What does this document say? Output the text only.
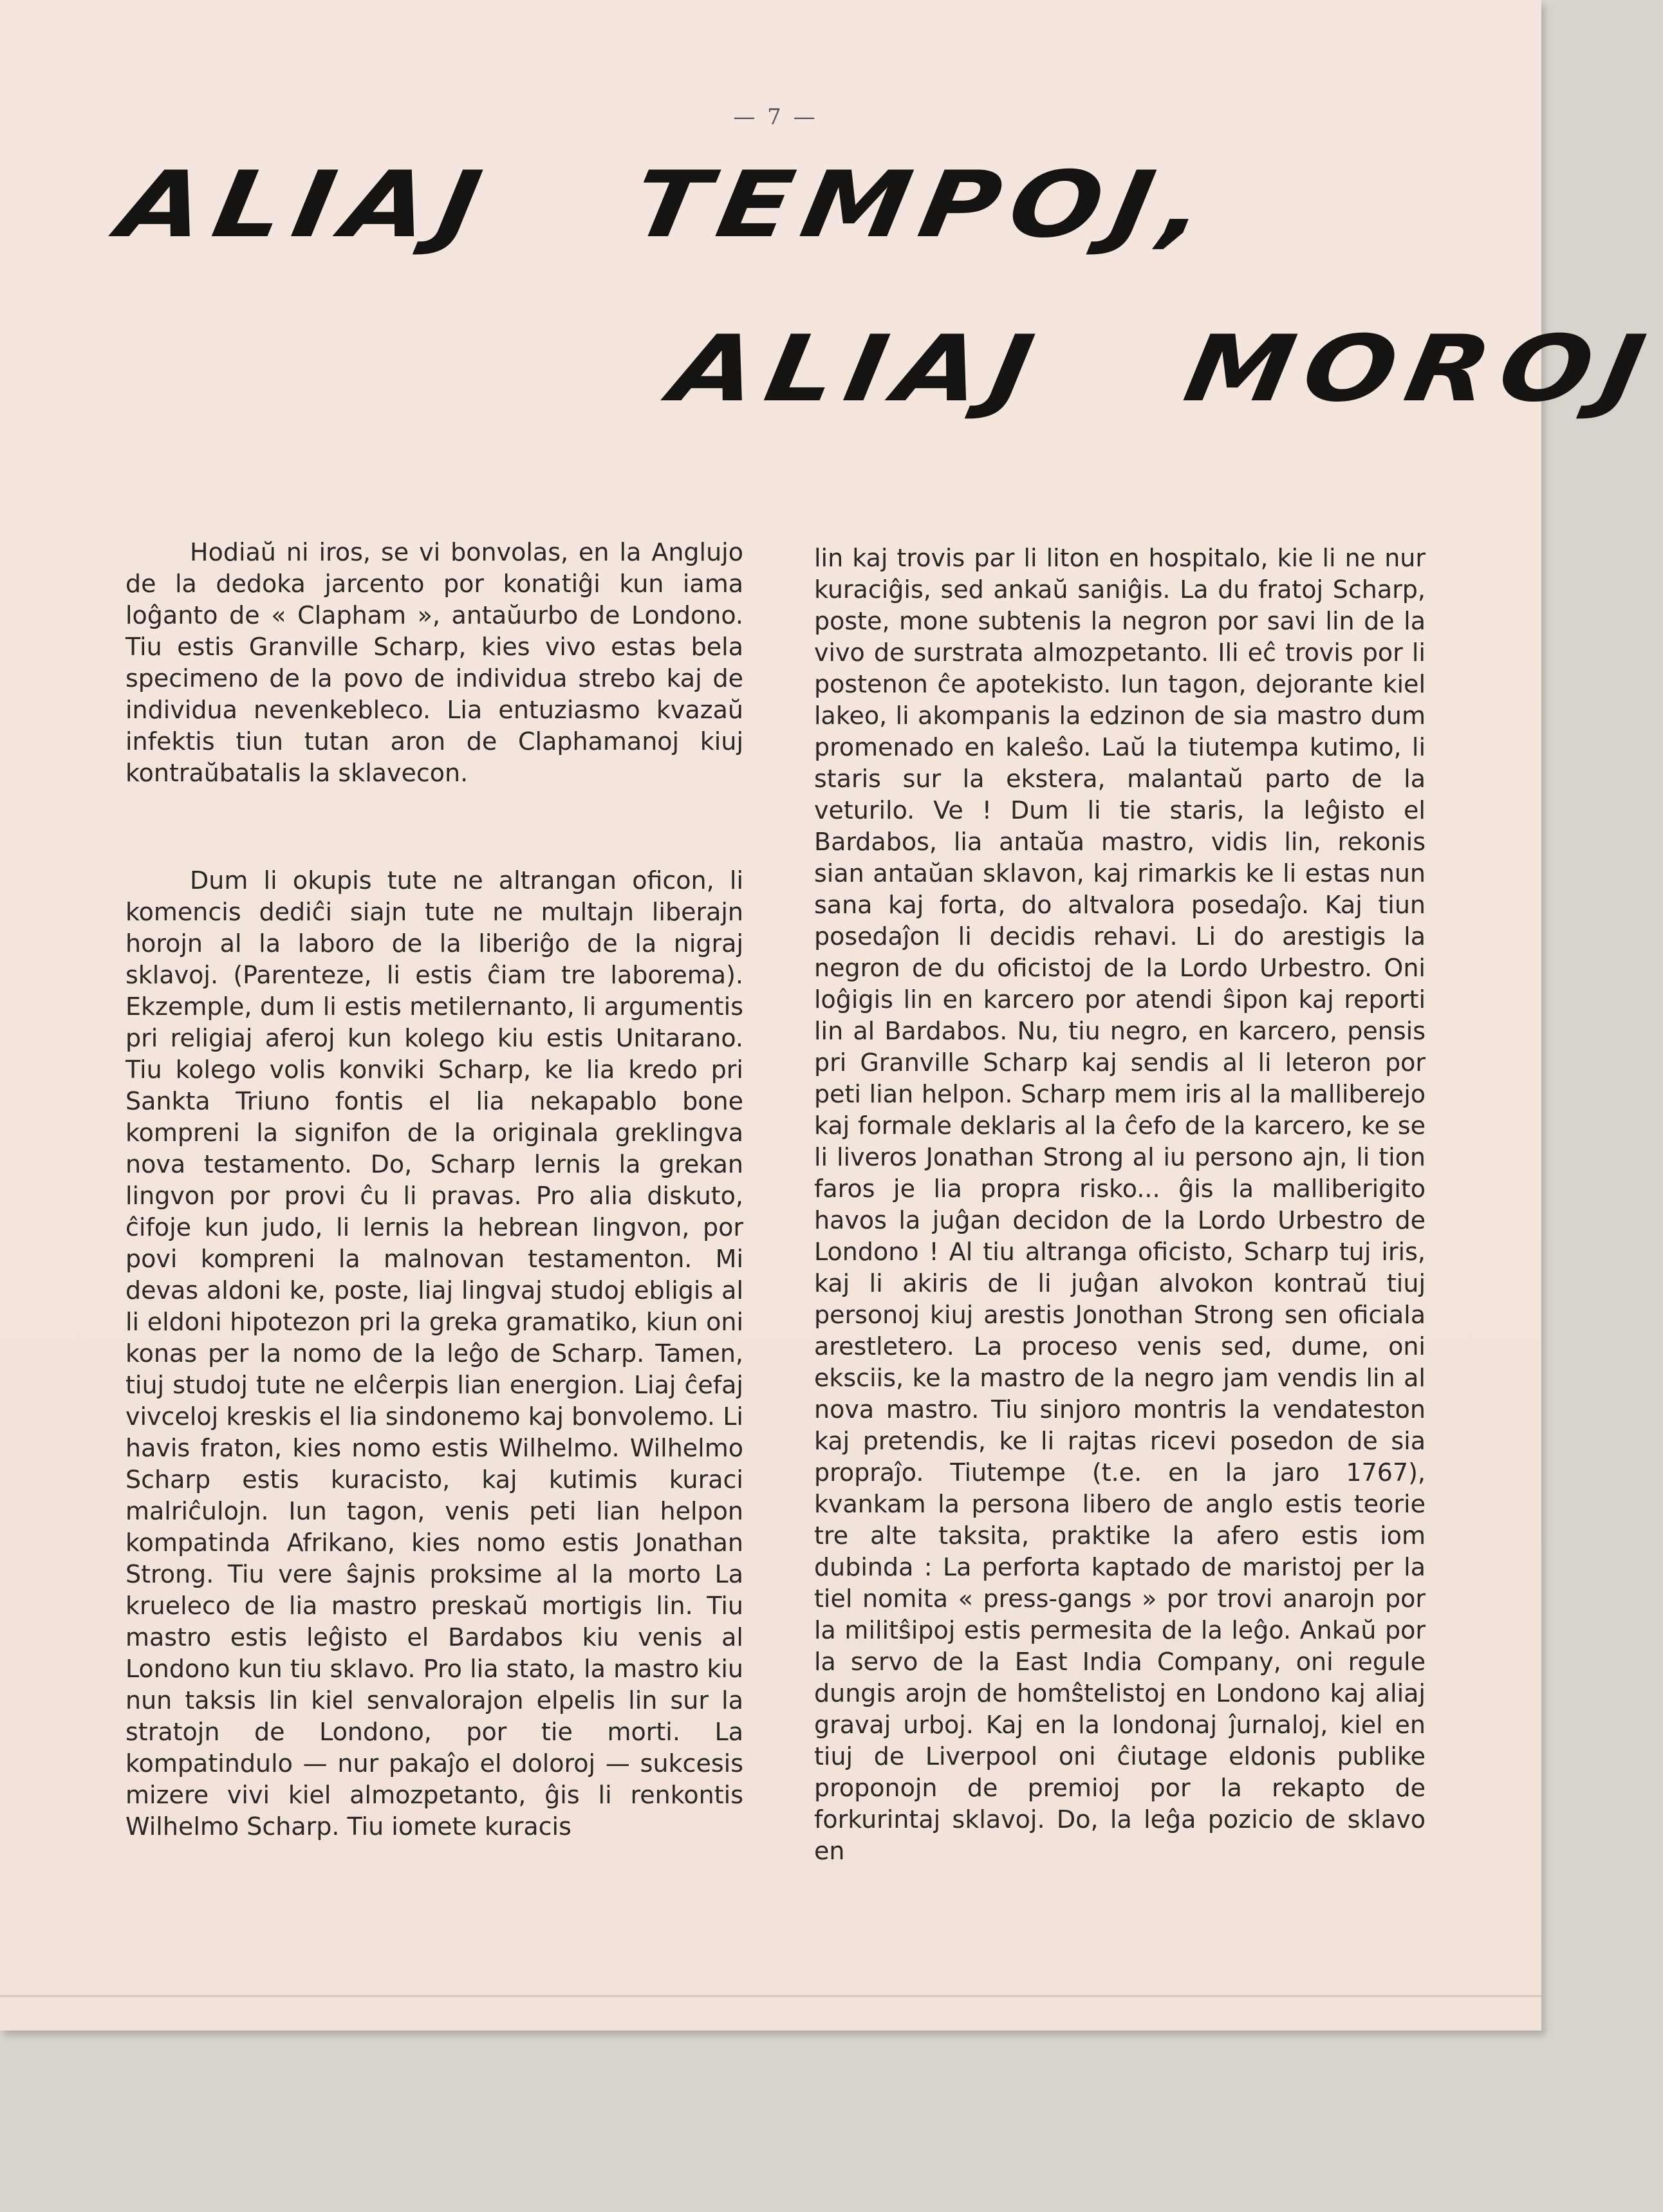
— 7 —
ALIAJ   TEMPOJ,
ALIAJ   MOROJ

Hodiaŭ ni iros, se vi bonvolas, en la Anglujo de la dedoka jarcento por konatiĝi kun iama loĝanto de « Clapham », antaŭurbo de Londono. Tiu estis Granville Scharp, kies vivo estas bela specimeno de la povo de individua strebo kaj de individua nevenkebleco. Lia entuziasmo kvazaŭ infektis tiun tutan aron de Claphamanoj kiuj kontraŭbatalis la sklavecon.

Dum li okupis tute ne altrangan oficon, li komencis dediĉi siajn tute ne multajn liberajn horojn al la laboro de la liberiĝo de la nigraj sklavoj. (Parenteze, li estis ĉiam tre laborema). Ekzemple, dum li estis metilernanto, li argumentis pri religiaj aferoj kun kolego kiu estis Unitarano. Tiu kolego volis konviki Scharp, ke lia kredo pri Sankta Triuno fontis el lia nekapablo bone kompreni la signifon de la originala greklingva nova testamento. Do, Scharp lernis la grekan lingvon por provi ĉu li pravas. Pro alia diskuto, ĉifoje kun judo, li lernis la hebrean lingvon, por povi kompreni la malnovan testamenton. Mi devas aldoni ke, poste, liaj lingvaj studoj ebligis al li eldoni hipotezon pri la greka gramatiko, kiun oni konas per la nomo de la leĝo de Scharp. Tamen, tiuj studoj tute ne elĉerpis lian energion. Liaj ĉefaj vivceloj kreskis el lia sindonemo kaj bonvolemo. Li havis fraton, kies nomo estis Wilhelmo. Wilhelmo Scharp estis kuracisto, kaj kutimis kuraci malriĉulojn. Iun tagon, venis peti lian helpon kompatinda Afrikano, kies nomo estis Jonathan Strong. Tiu vere ŝajnis proksime al la morto La krueleco de lia mastro preskaŭ mortigis lin. Tiu mastro estis leĝisto el Bardabos kiu venis al Londono kun tiu sklavo. Pro lia stato, la mastro kiu nun taksis lin kiel senvalorajon elpelis lin sur la stratojn de Londono, por tie morti. La kompatindulo — nur pakaĵo el doloroj — sukcesis mizere vivi kiel almozpetanto, ĝis li renkontis Wilhelmo Scharp. Tiu iomete kuracis

lin kaj trovis par li liton en hospitalo, kie li ne nur kuraciĝis, sed ankaŭ saniĝis. La du fratoj Scharp, poste, mone subtenis la negron por savi lin de la vivo de surstrata almozpetanto. Ili eĉ trovis por li postenon ĉe apotekisto. Iun tagon, dejorante kiel lakeo, li akompanis la edzinon de sia mastro dum promenado en kaleŝo. Laŭ la tiutempa kutimo, li staris sur la ekstera, malantaŭ parto de la veturilo. Ve ! Dum li tie staris, la leĝisto el Bardabos, lia antaŭa mastro, vidis lin, rekonis sian antaŭan sklavon, kaj rimarkis ke li estas nun sana kaj forta, do altvalora posedaĵo. Kaj tiun posedaĵon li decidis rehavi. Li do arestigis la negron de du oficistoj de la Lordo Urbestro. Oni loĝigis lin en karcero por atendi ŝipon kaj reporti lin al Bardabos. Nu, tiu negro, en karcero, pensis pri Granville Scharp kaj sendis al li leteron por peti lian helpon. Scharp mem iris al la malliberejo kaj formale deklaris al la ĉefo de la karcero, ke se li liveros Jonathan Strong al iu persono ajn, li tion faros je lia propra risko... ĝis la malliberigito havos la juĝan decidon de la Lordo Urbestro de Londono ! Al tiu altranga oficisto, Scharp tuj iris, kaj li akiris de li juĝan alvokon kontraŭ tiuj personoj kiuj arestis Jonothan Strong sen oficiala arestletero. La proceso venis sed, dume, oni eksciis, ke la mastro de la negro jam vendis lin al nova mastro. Tiu sinjoro montris la vendateston kaj pretendis, ke li rajtas ricevi posedon de sia propraĵo. Tiutempe (t.e. en la jaro 1767), kvankam la persona libero de anglo estis teorie tre alte taksita, praktike la afero estis iom dubinda : La perforta kaptado de maristoj per la tiel nomita « press-gangs » por trovi anarojn por la militŝipoj estis permesita de la leĝo. Ankaŭ por la servo de la East India Company, oni regule dungis arojn de homŝtelistoj en Londono kaj aliaj gravaj urboj. Kaj en la londonaj ĵurnaloj, kiel en tiuj de Liverpool oni ĉiutage eldonis publike proponojn de premioj por la rekapto de forkurintaj sklavoj. Do, la leĝa pozicio de sklavo en
